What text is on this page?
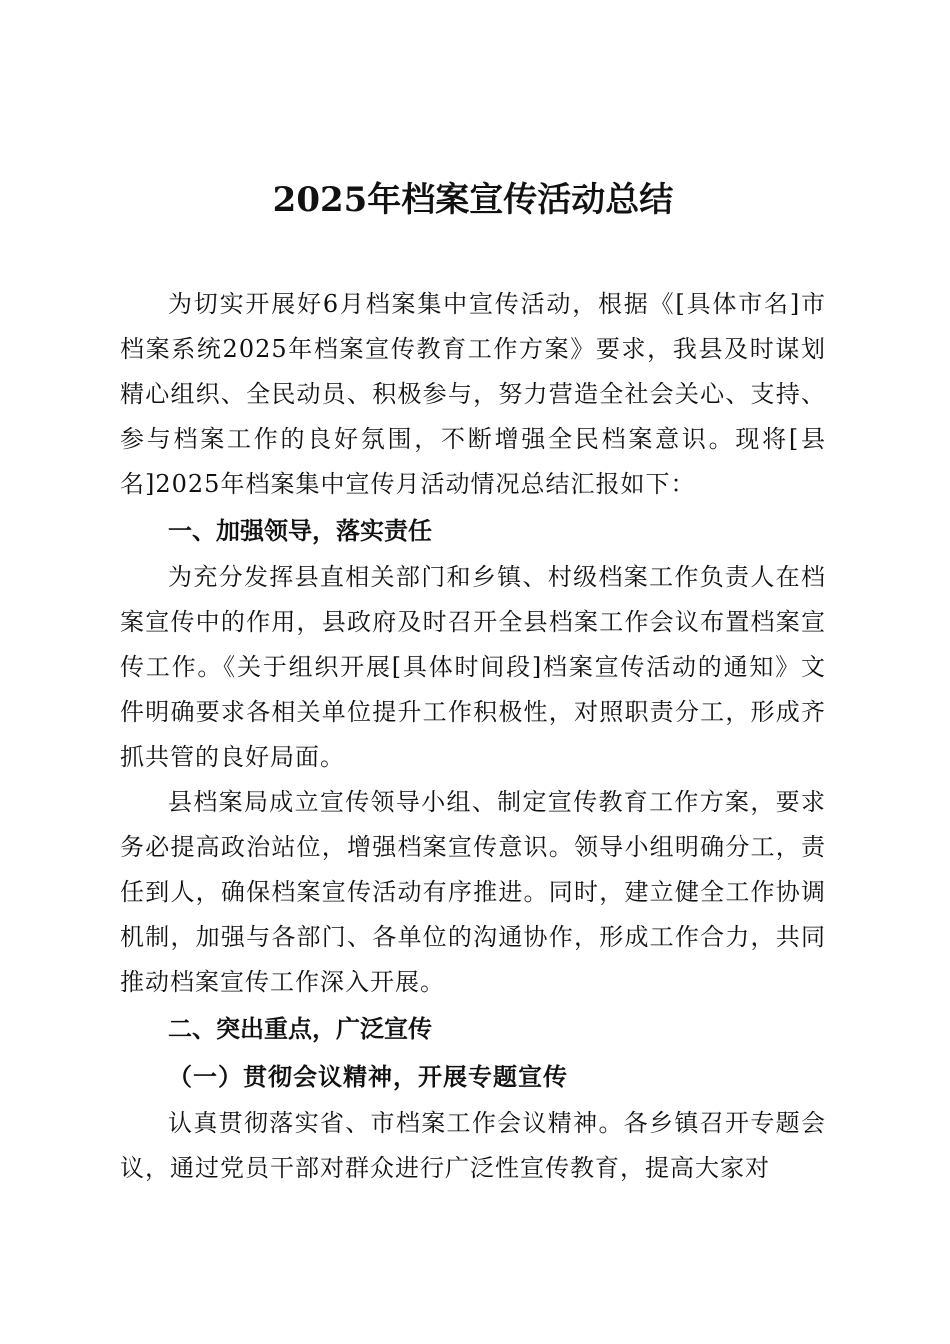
2025年档案宣传活动总结

为切实开展好6月档案集中宣传活动，根据《[具体市名]市档案系统2025年档案宣传教育工作方案》要求，我县及时谋划精心组织、全民动员、积极参与，努力营造全社会关心、支持、参与档案工作的良好氛围，不断增强全民档案意识。现将[县名]2025年档案集中宣传月活动情况总结汇报如下：

一、加强领导，落实责任

为充分发挥县直相关部门和乡镇、村级档案工作负责人在档案宣传中的作用，县政府及时召开全县档案工作会议布置档案宣传工作。《关于组织开展[具体时间段]档案宣传活动的通知》文件明确要求各相关单位提升工作积极性，对照职责分工，形成齐抓共管的良好局面。

县档案局成立宣传领导小组、制定宣传教育工作方案，要求务必提高政治站位，增强档案宣传意识。领导小组明确分工，责任到人，确保档案宣传活动有序推进。同时，建立健全工作协调机制，加强与各部门、各单位的沟通协作，形成工作合力，共同推动档案宣传工作深入开展。

二、突出重点，广泛宣传

（一）贯彻会议精神，开展专题宣传

认真贯彻落实省、市档案工作会议精神。各乡镇召开专题会议，通过党员干部对群众进行广泛性宣传教育，提高大家对
